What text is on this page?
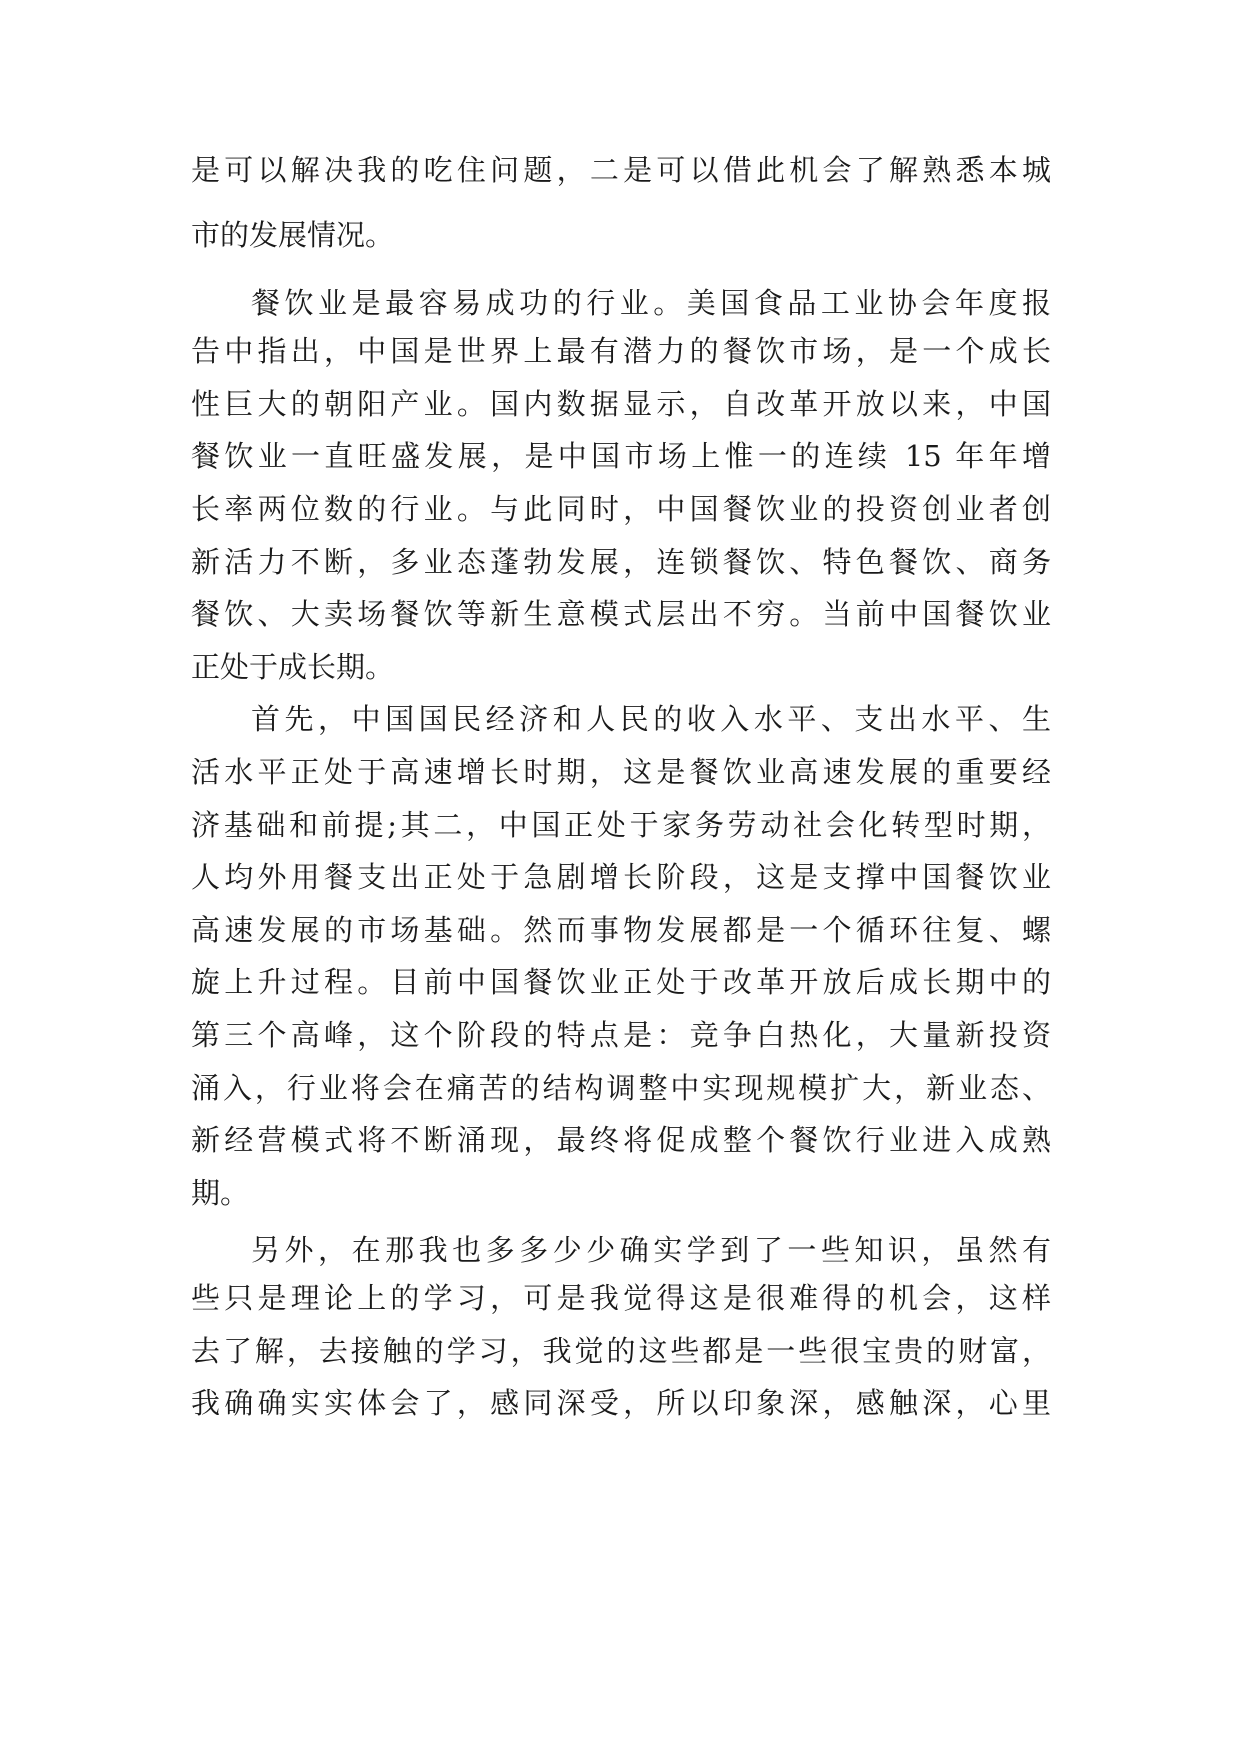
是可以解决我的吃住问题，二是可以借此机会了解熟悉本城

市的发展情况。

餐饮业是最容易成功的行业。美国食品工业协会年度报

告中指出，中国是世界上最有潜力的餐饮市场，是一个成长

性巨大的朝阳产业。国内数据显示，自改革开放以来，中国

餐饮业一直旺盛发展，是中国市场上惟一的连续 15 年年增

长率两位数的行业。与此同时，中国餐饮业的投资创业者创

新活力不断，多业态蓬勃发展，连锁餐饮、特色餐饮、商务

餐饮、大卖场餐饮等新生意模式层出不穷。当前中国餐饮业

正处于成长期。

首先，中国国民经济和人民的收入水平、支出水平、生

活水平正处于高速增长时期，这是餐饮业高速发展的重要经

济基础和前提;其二，中国正处于家务劳动社会化转型时期，

人均外用餐支出正处于急剧增长阶段，这是支撑中国餐饮业

高速发展的市场基础。然而事物发展都是一个循环往复、螺

旋上升过程。目前中国餐饮业正处于改革开放后成长期中的

第三个高峰，这个阶段的特点是：竞争白热化，大量新投资

涌入，行业将会在痛苦的结构调整中实现规模扩大，新业态、

新经营模式将不断涌现，最终将促成整个餐饮行业进入成熟

期。

另外，在那我也多多少少确实学到了一些知识，虽然有

些只是理论上的学习，可是我觉得这是很难得的机会，这样

去了解，去接触的学习，我觉的这些都是一些很宝贵的财富，

我确确实实体会了，感同深受，所以印象深，感触深，心里
